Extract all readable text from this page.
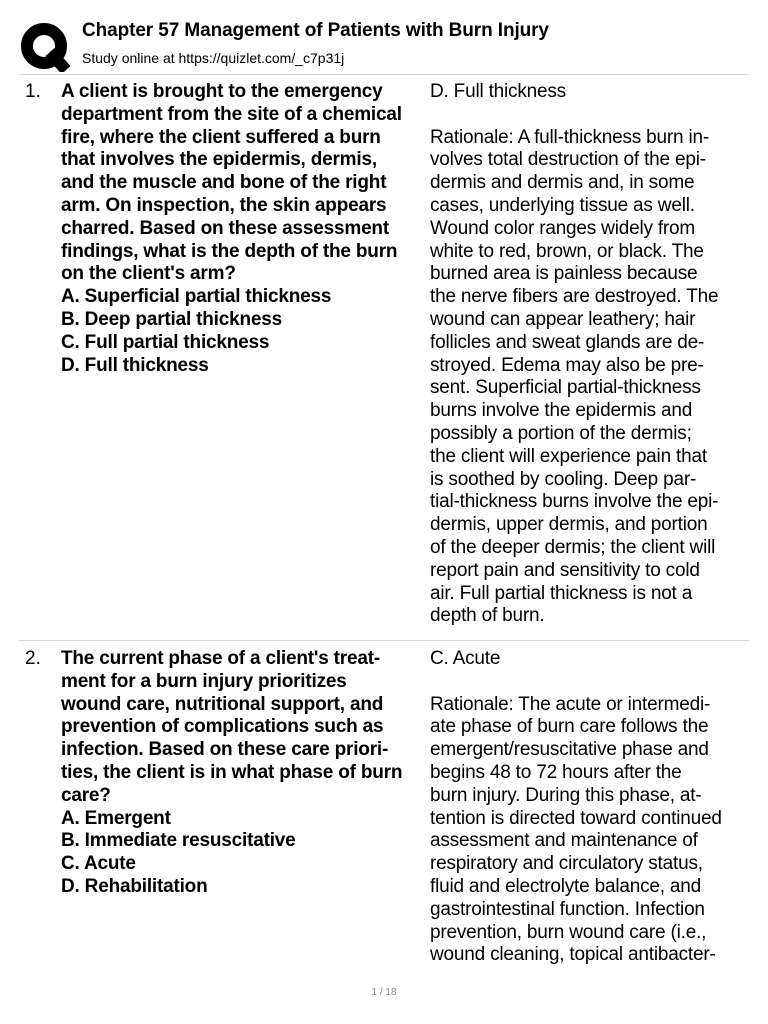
Chapter 57 Management of Patients with Burn Injury
Study online at https://quizlet.com/_c7p31j
1. A client is brought to the emergency
department from the site of a chemical
fire, where the client suffered a burn
that involves the epidermis, dermis,
and the muscle and bone of the right
arm. On inspection, the skin appears
charred. Based on these assessment
findings, what is the depth of the burn
on the client's arm?
A. Superficial partial thickness
B. Deep partial thickness
C. Full partial thickness
D. Full thickness
D. Full thickness
Rationale: A full-thickness burn in-
volves total destruction of the epi-
dermis and dermis and, in some
cases, underlying tissue as well.
Wound color ranges widely from
white to red, brown, or black. The
burned area is painless because
the nerve fibers are destroyed. The
wound can appear leathery; hair
follicles and sweat glands are de-
stroyed. Edema may also be pre-
sent. Superficial partial-thickness
burns involve the epidermis and
possibly a portion of the dermis;
the client will experience pain that
is soothed by cooling. Deep par-
tial-thickness burns involve the epi-
dermis, upper dermis, and portion
of the deeper dermis; the client will
report pain and sensitivity to cold
air. Full partial thickness is not a
depth of burn.
2. The current phase of a client's treat-
ment for a burn injury prioritizes
wound care, nutritional support, and
prevention of complications such as
infection. Based on these care priori-
ties, the client is in what phase of burn
care?
A. Emergent
B. Immediate resuscitative
C. Acute
D. Rehabilitation
C. Acute
Rationale: The acute or intermedi-
ate phase of burn care follows the
emergent/resuscitative phase and
begins 48 to 72 hours after the
burn injury. During this phase, at-
tention is directed toward continued
assessment and maintenance of
respiratory and circulatory status,
fluid and electrolyte balance, and
gastrointestinal function. Infection
prevention, burn wound care (i.e.,
wound cleaning, topical antibacter-
1 / 18
